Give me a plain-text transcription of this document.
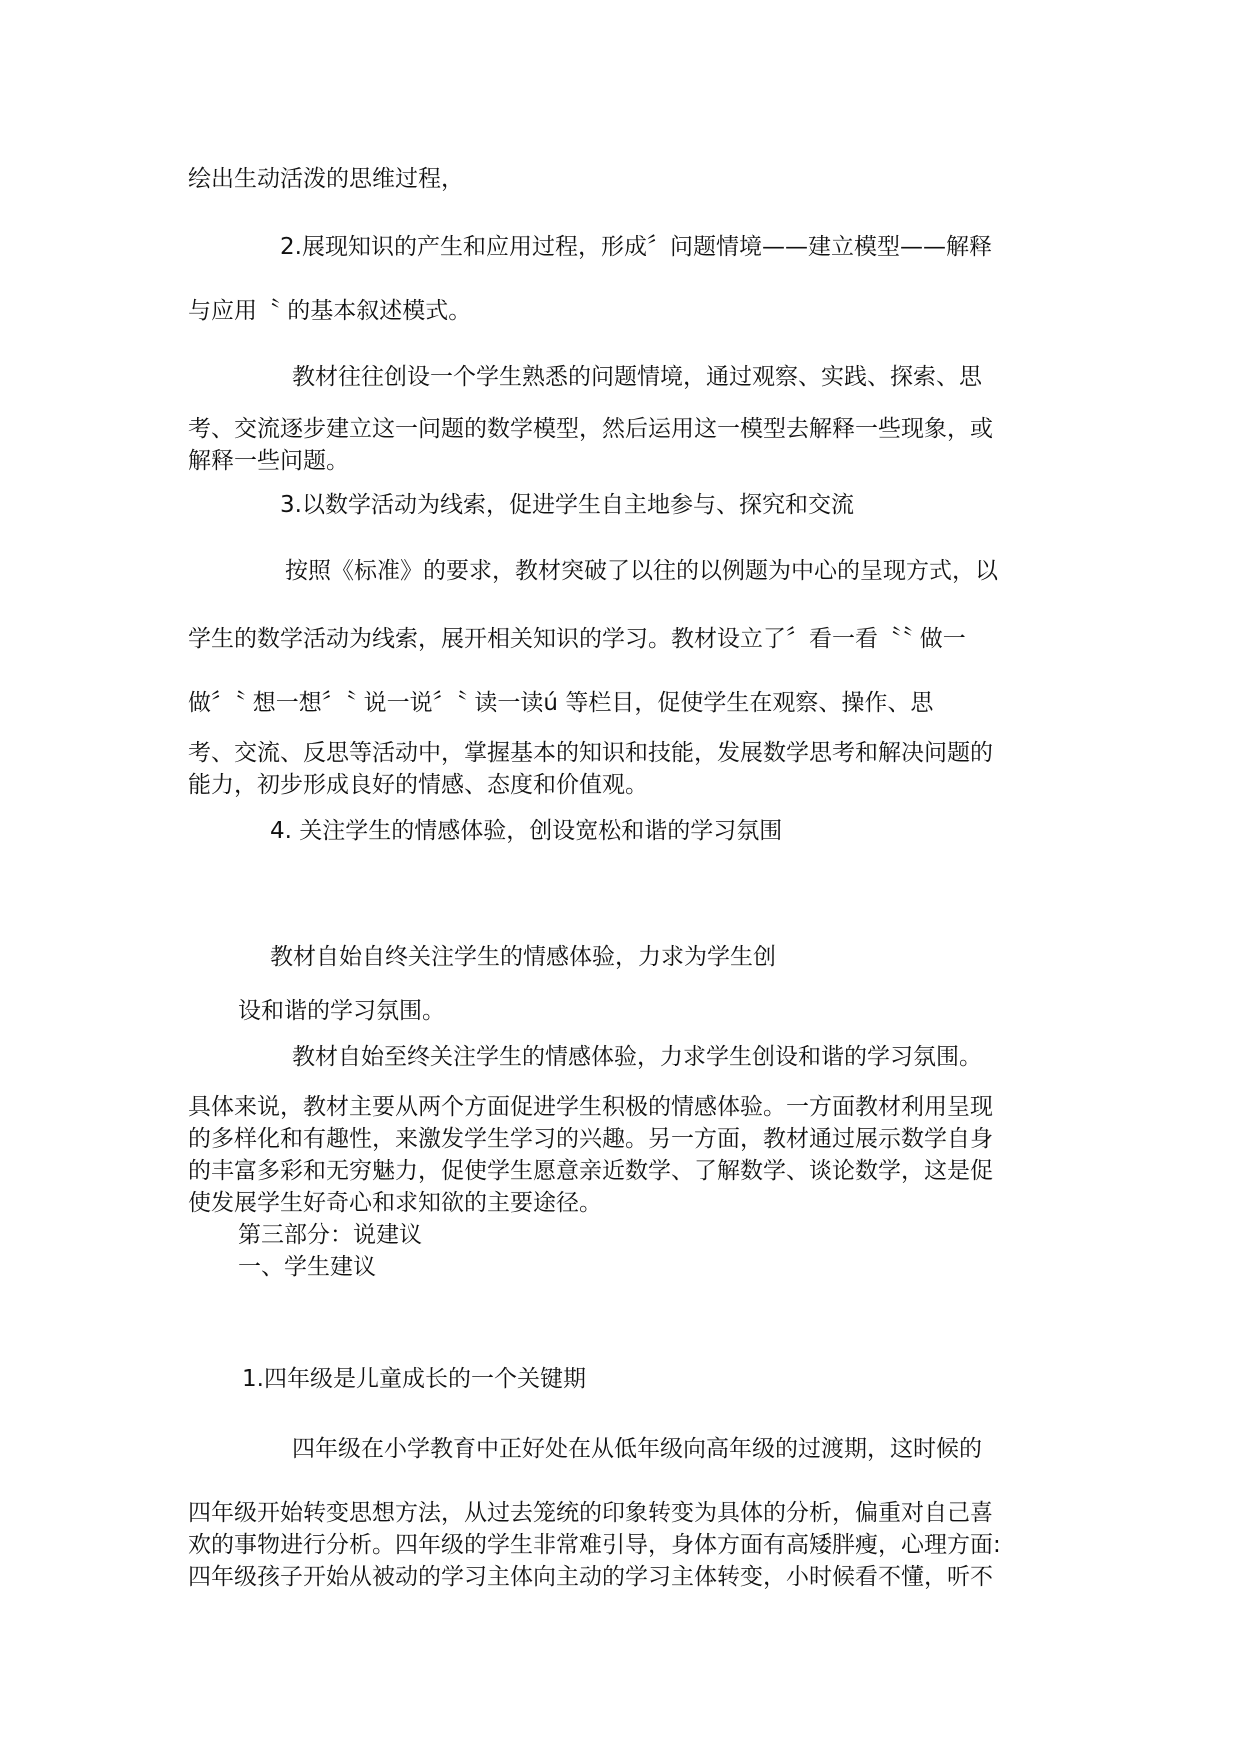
绘出生动活泼的思维过程，

2.展现知识的产生和应用过程，形成〞问题情境——建立模型——解释

与应用〝 的基本叙述模式。

教材往往创设一个学生熟悉的问题情境，通过观察、实践、探索、思

考、交流逐步建立这一问题的数学模型，然后运用这一模型去解释一些现象，或

解释一些问题。

3.以数学活动为线索，促进学生自主地参与、探究和交流

按照《标准》的要求，教材突破了以往的以例题为中心的呈现方式，以

学生的数学活动为线索，展开相关知识的学习。教材设立了〞看一看〝〝 做一

做〞〝 想一想〞〝 说一说〞〝 读一读ú 等栏目，促使学生在观察、操作、思

考、交流、反思等活动中，掌握基本的知识和技能，发展数学思考和解决问题的

能力，初步形成良好的情感、态度和价值观。

4. 关注学生的情感体验，创设宽松和谐的学习氛围

教材自始自终关注学生的情感体验，力求为学生创

设和谐的学习氛围。

教材自始至终关注学生的情感体验，力求学生创设和谐的学习氛围。

具体来说，教材主要从两个方面促进学生积极的情感体验。一方面教材利用呈现

的多样化和有趣性，来激发学生学习的兴趣。另一方面，教材通过展示数学自身

的丰富多彩和无穷魅力，促使学生愿意亲近数学、了解数学、谈论数学，这是促

使发展学生好奇心和求知欲的主要途径。

第三部分：说建议

一、学生建议

1.四年级是儿童成长的一个关键期

四年级在小学教育中正好处在从低年级向高年级的过渡期，这时候的

四年级开始转变思想方法，从过去笼统的印象转变为具体的分析，偏重对自己喜

欢的事物进行分析。四年级的学生非常难引导，身体方面有高矮胖瘦，心理方面:

四年级孩子开始从被动的学习主体向主动的学习主体转变，小时候看不懂，听不
